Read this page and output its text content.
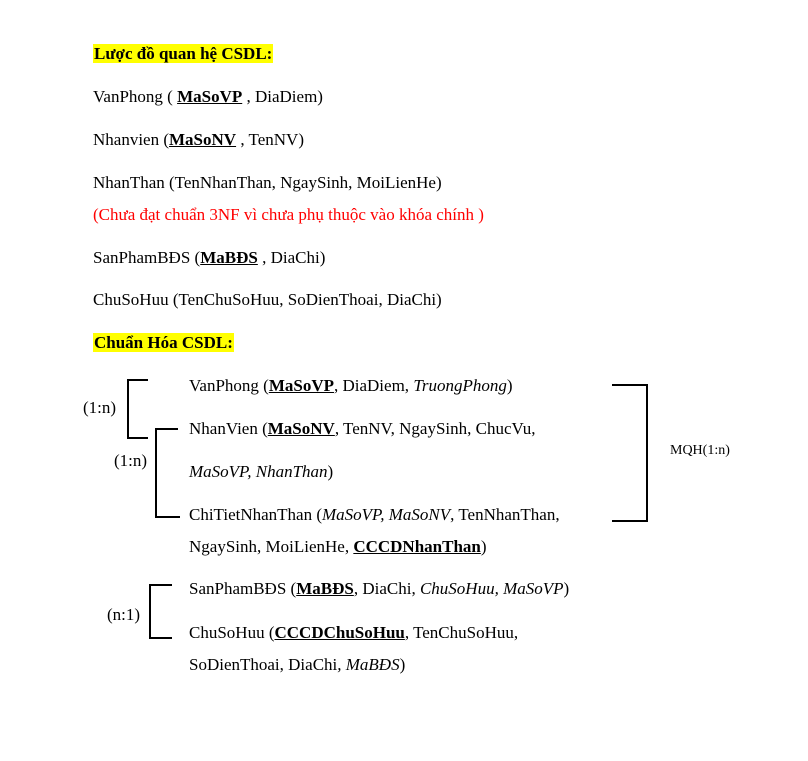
Lược đồ quan hệ CSDL:
VanPhong ( MaSoVP , DiaDiem)
Nhanvien (MaSoNV , TenNV)
NhanThan (TenNhanThan, NgaySinh, MoiLienHe)
(Chưa đạt chuẩn 3NF vì chưa phụ thuộc vào khóa chính )
SanPhamBĐS (MaBĐS , DiaChi)
ChuSoHuu (TenChuSoHuu, SoDienThoai, DiaChi)
Chuẩn Hóa CSDL:
(1:n)
(1:n)
(n:1)
MQH(1:n)
VanPhong (MaSoVP, DiaDiem, TruongPhong)
NhanVien (MaSoNV, TenNV, NgaySinh, ChucVu,
MaSoVP, NhanThan)
ChiTietNhanThan (MaSoVP, MaSoNV, TenNhanThan,
NgaySinh, MoiLienHe, CCCDNhanThan)
SanPhamBĐS (MaBĐS, DiaChi, ChuSoHuu, MaSoVP)
ChuSoHuu (CCCDChuSoHuu, TenChuSoHuu,
SoDienThoai, DiaChi, MaBĐS)
